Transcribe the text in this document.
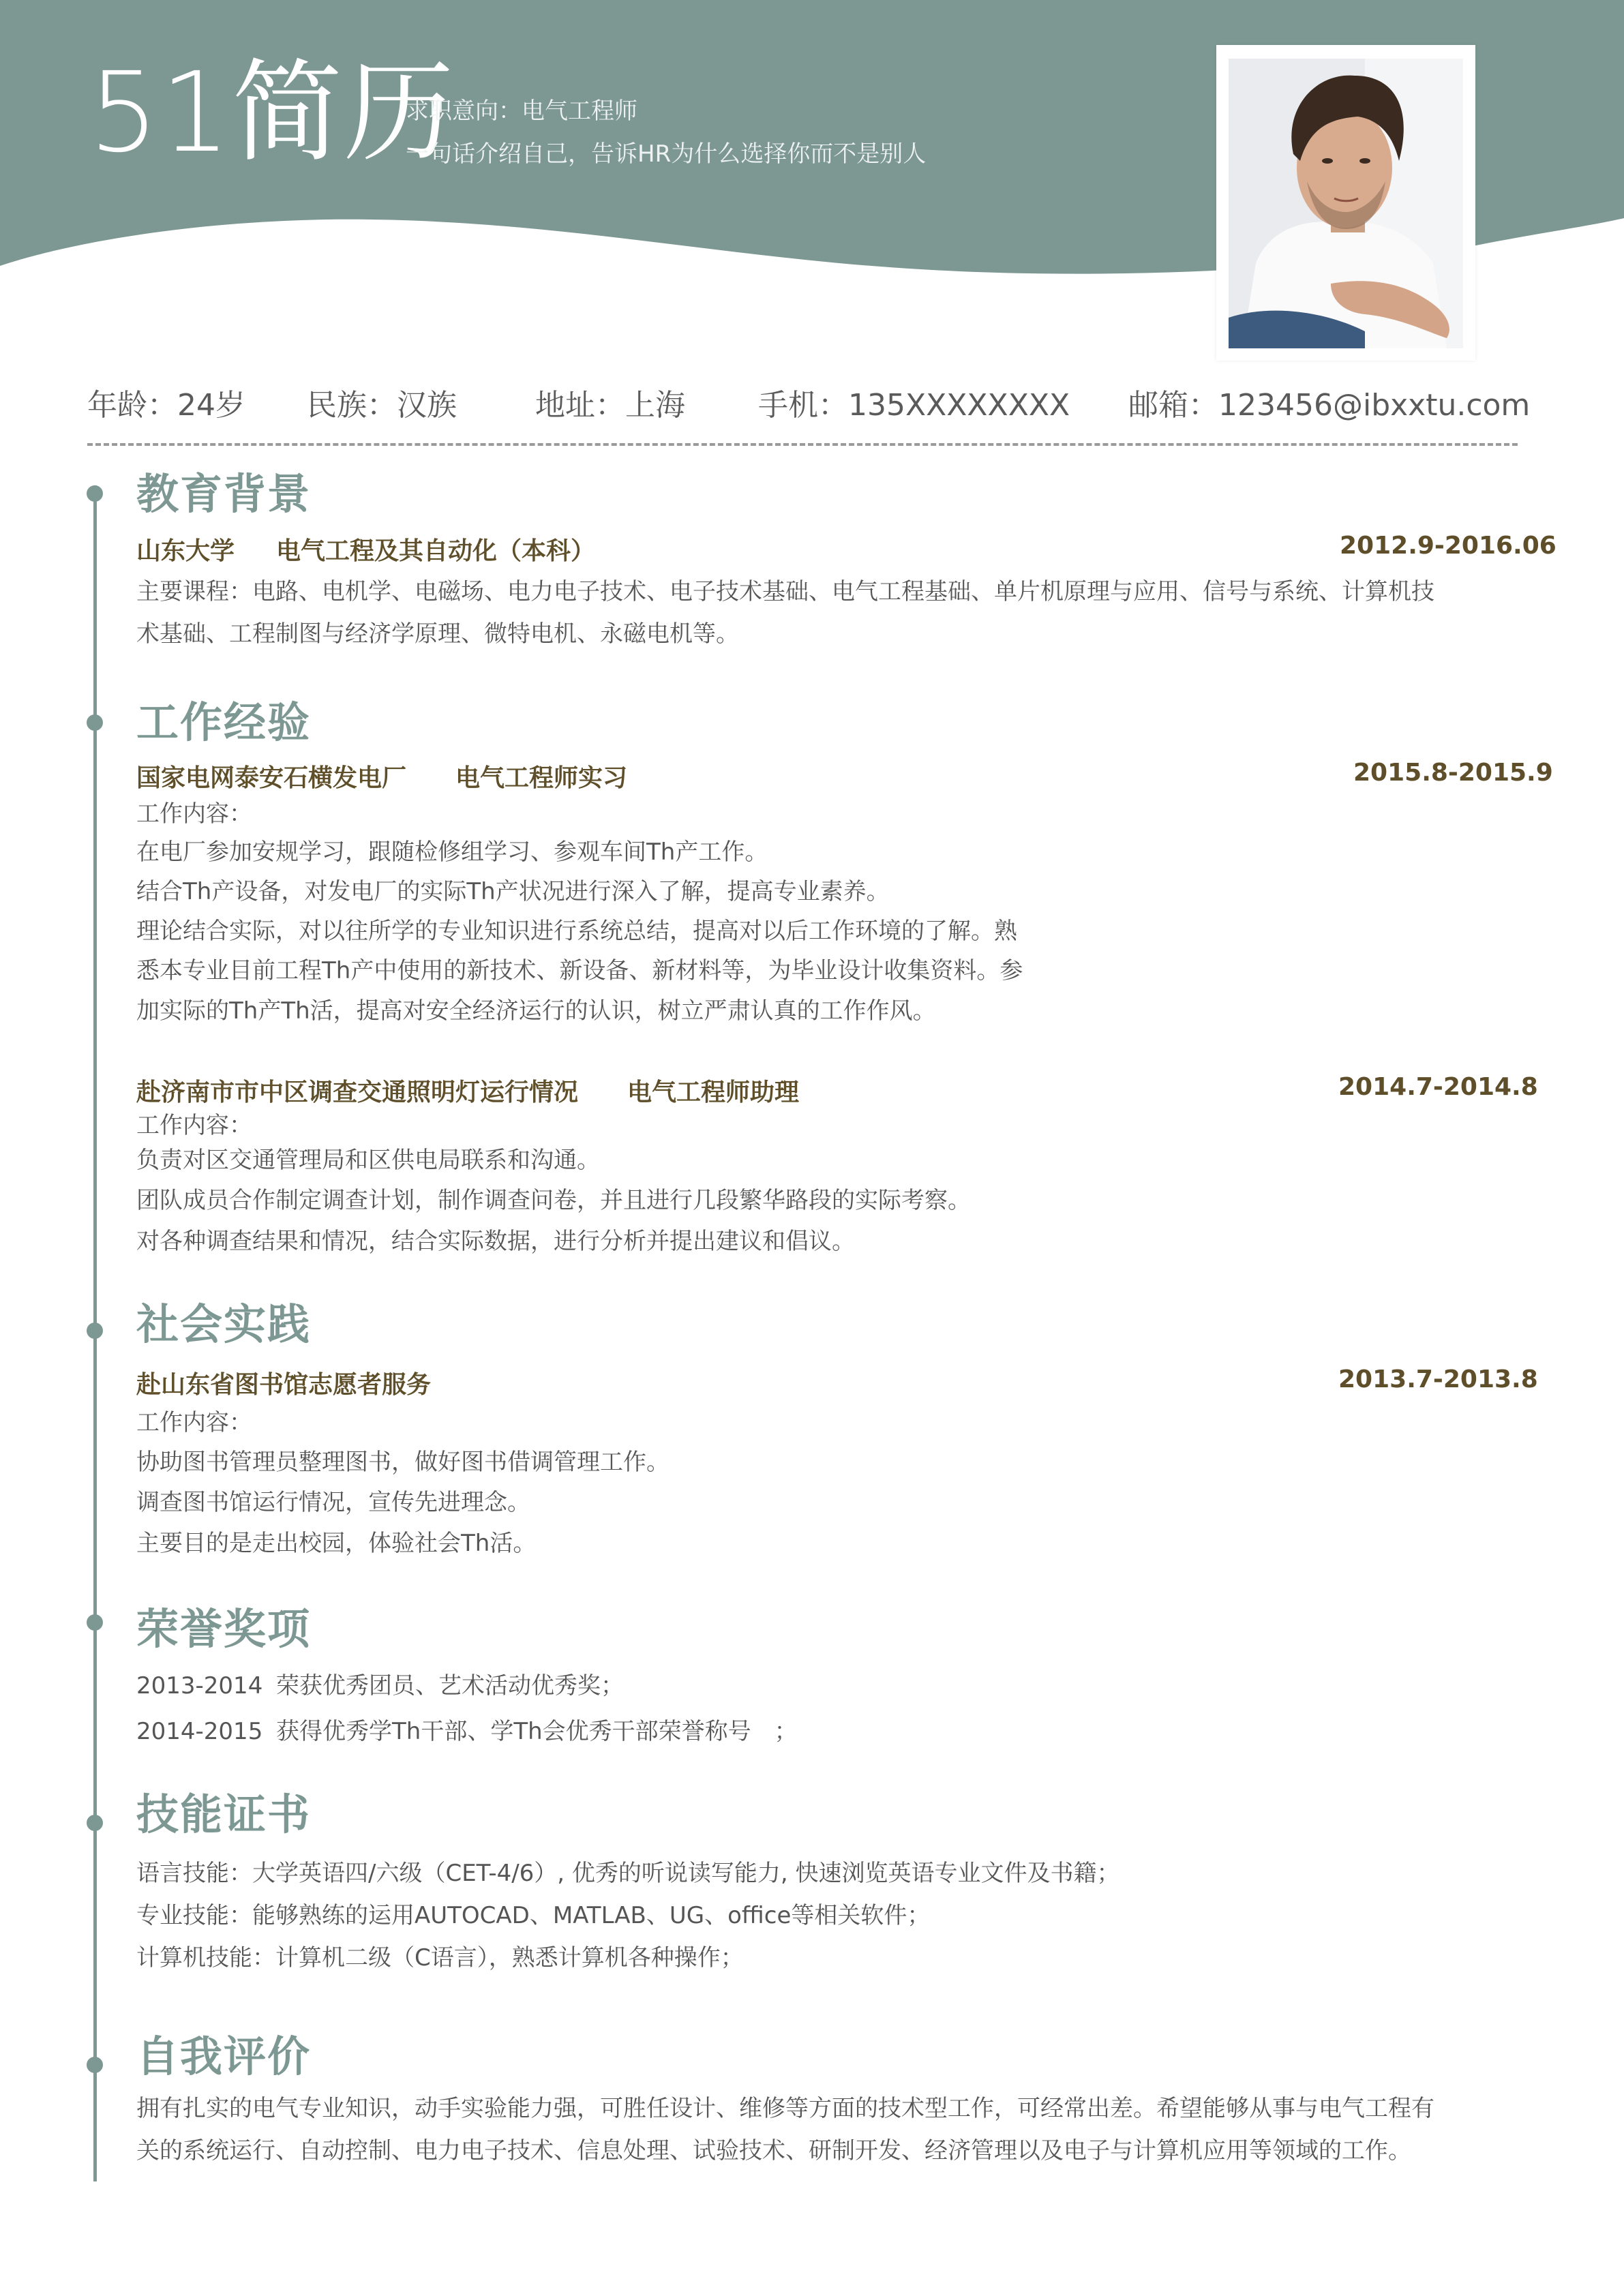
51简历
求职意向：电气工程师
一句话介绍自己，告诉HR为什么选择你而不是别人
年龄：24岁 民族：汉族	地址：上海 手机：135XXXXXXXX 邮箱：123456@ibxxtu.com
教育背景
山东大学 电气工程及其自动化（本科）	2012.9-2016.06
主要课程：电路、电机学、电磁场、电力电子技术、电子技术基础、电气工程基础、单片机原理与应用、信号与系统、计算机技
术基础、工程制图与经济学原理、微特电机、永磁电机等。
工作经验
国家电网泰安石横发电厂 电气工程师实习	2015.8-2015.9
工作内容：
在电厂参加安规学习，跟随检修组学习、参观车间Th产工作。
结合Th产设备，对发电厂的实际Th产状况进行深入了解，提高专业素养。
理论结合实际，对以往所学的专业知识进行系统总结，提高对以后工作环境的了解。熟
悉本专业目前工程Th产中使用的新技术、新设备、新材料等，为毕业设计收集资料。参
加实际的Th产Th活，提高对安全经济运行的认识，树立严肃认真的工作作风。
赴济南市市中区调查交通照明灯运行情况 电气工程师助理	2014.7-2014.8
工作内容：
负责对区交通管理局和区供电局联系和沟通。
团队成员合作制定调查计划，制作调查问卷，并且进行几段繁华路段的实际考察。
对各种调查结果和情况，结合实际数据，进行分析并提出建议和倡议。
社会实践
赴山东省图书馆志愿者服务	2013.7-2013.8
工作内容：
协助图书管理员整理图书，做好图书借调管理工作。
调查图书馆运行情况，宣传先进理念。
主要目的是走出校园，体验社会Th活。
荣誉奖项
2013-2014 荣获优秀团员、艺术活动优秀奖；
2014-2015 获得优秀学Th干部、学Th会优秀干部荣誉称号　；
技能证书
语言技能：大学英语四/六级（CET-4/6）, 优秀的听说读写能力, 快速浏览英语专业文件及书籍；
专业技能：能够熟练的运用AUTOCAD、MATLAB、UG、office等相关软件；
计算机技能：计算机二级（C语言），熟悉计算机各种操作；
自我评价
拥有扎实的电气专业知识，动手实验能力强，可胜任设计、维修等方面的技术型工作，可经常出差。希望能够从事与电气工程有
关的系统运行、自动控制、电力电子技术、信息处理、试验技术、研制开发、经济管理以及电子与计算机应用等领域的工作。
